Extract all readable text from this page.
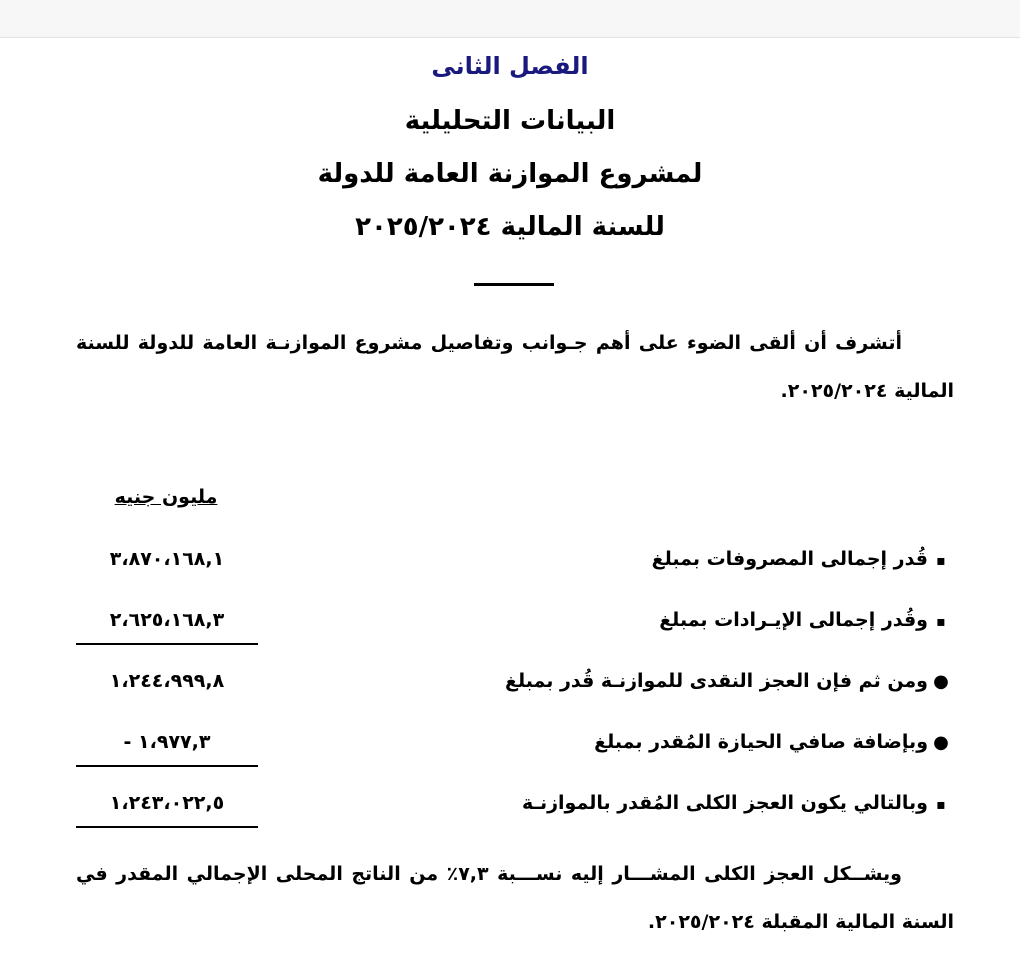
الفصل الثانى
البيانات التحليلية
لمشروع الموازنة العامة للدولة
للسنة المالية ٢٠٢٥/٢٠٢٤
أتشرف أن ألقى الضوء على أهم جـوانب وتفاصيل مشروع الموازنـة العامة للدولة للسنة المالية ٢٠٢٥/٢٠٢٤.
مليون جنيه
▪قُدر إجمالى المصروفات بمبلغ
٣،٨٧٠،١٦٨,١
▪وقُدر إجمالى الإيـرادات بمبلغ
٢،٦٢٥،١٦٨,٣
●ومن ثم فإن العجز النقدى للموازنـة قُدر بمبلغ
١،٢٤٤،٩٩٩,٨
●وبإضافة صافي الحيازة المُقدر بمبلغ
١،٩٧٧,٣ -
▪وبالتالي يكون العجز الكلى المُقدر بالموازنـة
١،٢٤٣،٠٢٢,٥
ويشــكل العجز الكلى المشـــار إليه نســـبة ٧,٣٪ من الناتج المحلى الإجمالي المقدر في السنة المالية المقبلة ٢٠٢٥/٢٠٢٤.
